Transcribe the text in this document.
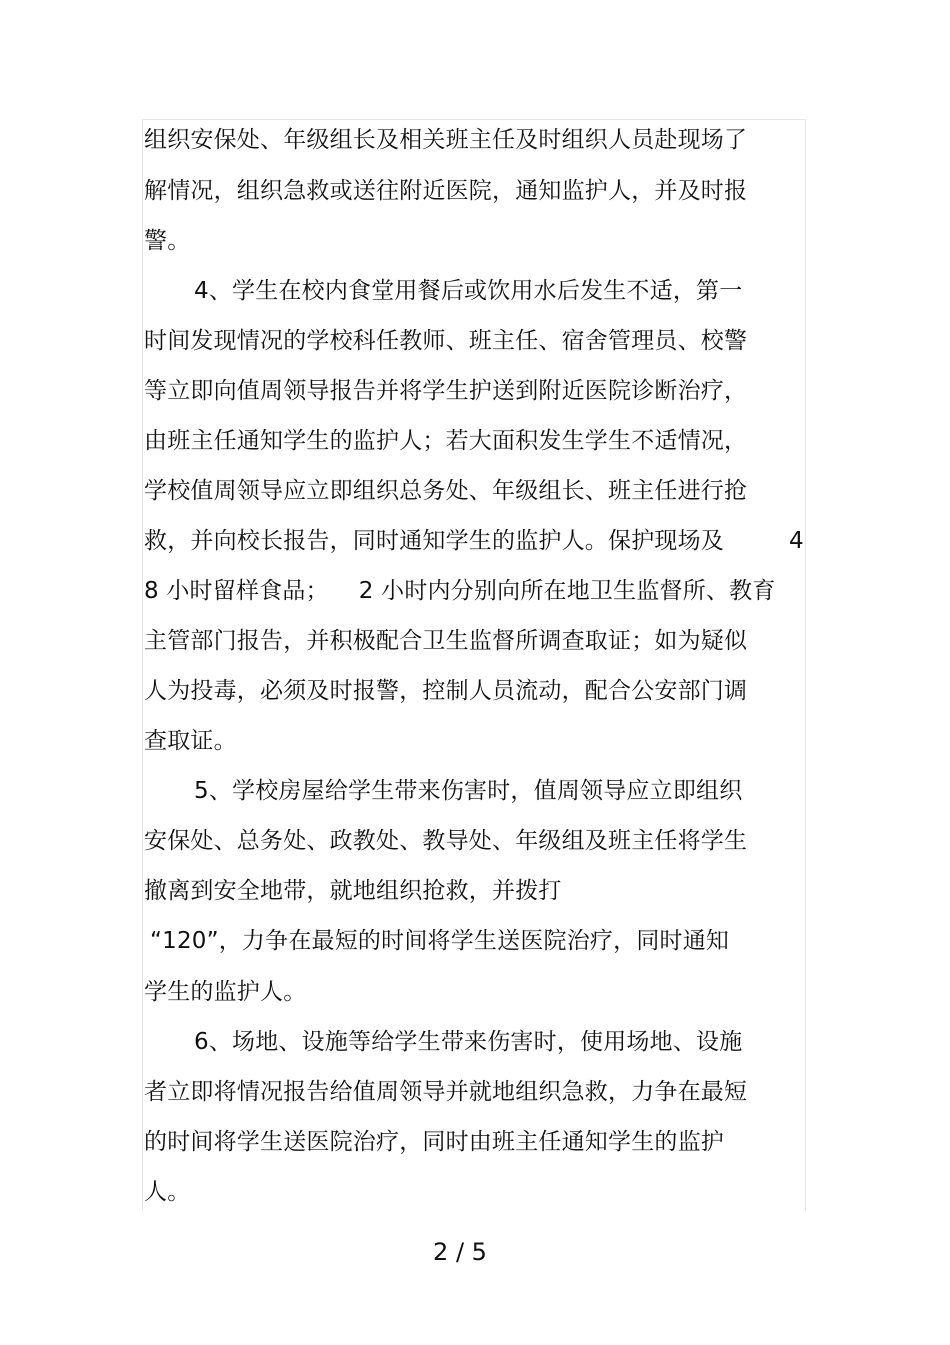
组织安保处、年级组长及相关班主任及时组织人员赴现场了
解情况，组织急救或送往附近医院，通知监护人，并及时报
警。
4、学生在校内食堂用餐后或饮用水后发生不适，第一
时间发现情况的学校科任教师、班主任、宿舍管理员、校警
等立即向值周领导报告并将学生护送到附近医院诊断治疗，
由班主任通知学生的监护人；若大面积发生学生不适情况，
学校值周领导应立即组织总务处、年级组长、班主任进行抢
救，并向校长报告，同时通知学生的监护人。保护现场及
8 小时留样食品；    2 小时内分别向所在地卫生监督所、教育
主管部门报告，并积极配合卫生监督所调查取证；如为疑似
人为投毒，必须及时报警，控制人员流动，配合公安部门调
查取证。
5、学校房屋给学生带来伤害时，值周领导应立即组织
安保处、总务处、政教处、教导处、年级组及班主任将学生
撤离到安全地带，就地组织抢救，并拨打
“120”，力争在最短的时间将学生送医院治疗，同时通知
学生的监护人。
6、场地、设施等给学生带来伤害时，使用场地、设施
者立即将情况报告给值周领导并就地组织急救，力争在最短
的时间将学生送医院治疗，同时由班主任通知学生的监护
人。
4
2 / 5
